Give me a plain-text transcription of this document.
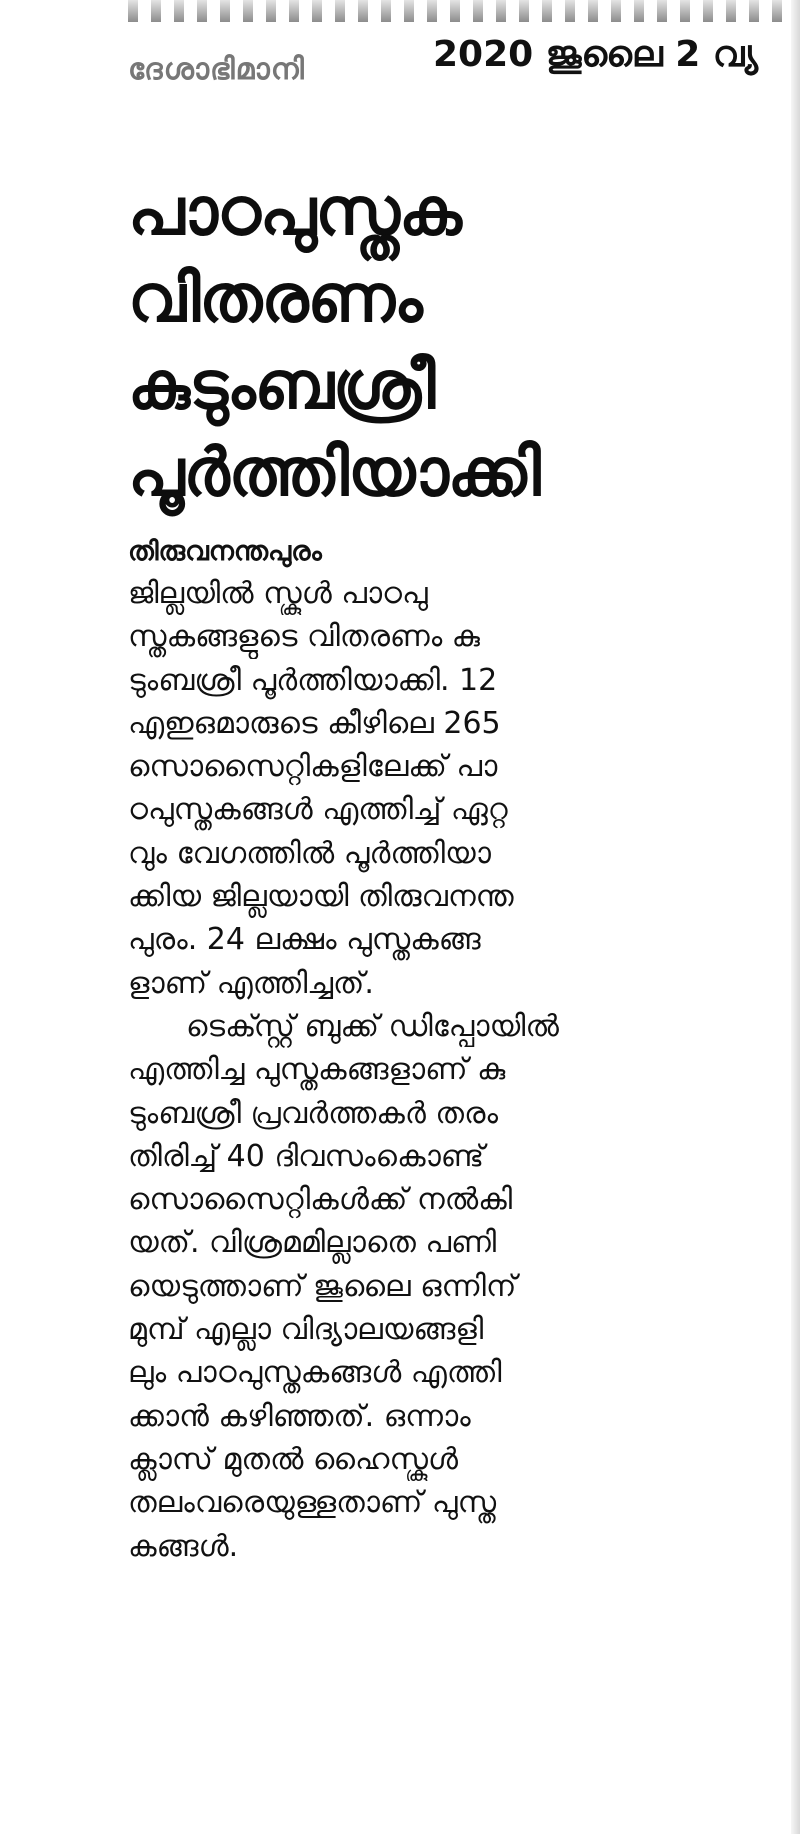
ദേശാഭിമാനി	2020 ജൂലൈ 2 വ്യ
പാഠപുസ്തക
വിതരണം
കുടുംബശ്രീ
പൂർത്തിയാക്കി
തിരുവനന്തപുരം
ജില്ലയിൽ സ്കൂൾ പാഠപു
സ്തകങ്ങളുടെ വിതരണം കു
ടുംബശ്രീ പൂർത്തിയാക്കി. 12
എഇഒമാരുടെ കീഴിലെ 265
സൊസൈറ്റികളിലേക്ക് പാ
ഠപുസ്തകങ്ങൾ എത്തിച്ച് ഏറ്റ
വും വേഗത്തിൽ പൂർത്തിയാ
ക്കിയ ജില്ലയായി തിരുവനന്ത
പുരം. 24 ലക്ഷം പുസ്തകങ്ങ
ളാണ് എത്തിച്ചത്.
ടെക്സ്റ്റ് ബുക്ക് ഡിപ്പോയിൽ
എത്തിച്ച പുസ്തകങ്ങളാണ് കു
ടുംബശ്രീ പ്രവർത്തകർ തരം
തിരിച്ച് 40 ദിവസംകൊണ്ട്
സൊസൈറ്റികൾക്ക് നൽകി
യത്. വിശ്രമമില്ലാതെ പണി
യെടുത്താണ് ജൂലൈ ഒന്നിന്
മുമ്പ് എല്ലാ വിദ്യാലയങ്ങളി
ലും പാഠപുസ്തകങ്ങൾ എത്തി
ക്കാൻ കഴിഞ്ഞത്. ഒന്നാം
ക്ലാസ് മുതൽ ഹൈസ്കൂൾ
തലംവരെയുള്ളതാണ് പുസ്ത
കങ്ങൾ.
